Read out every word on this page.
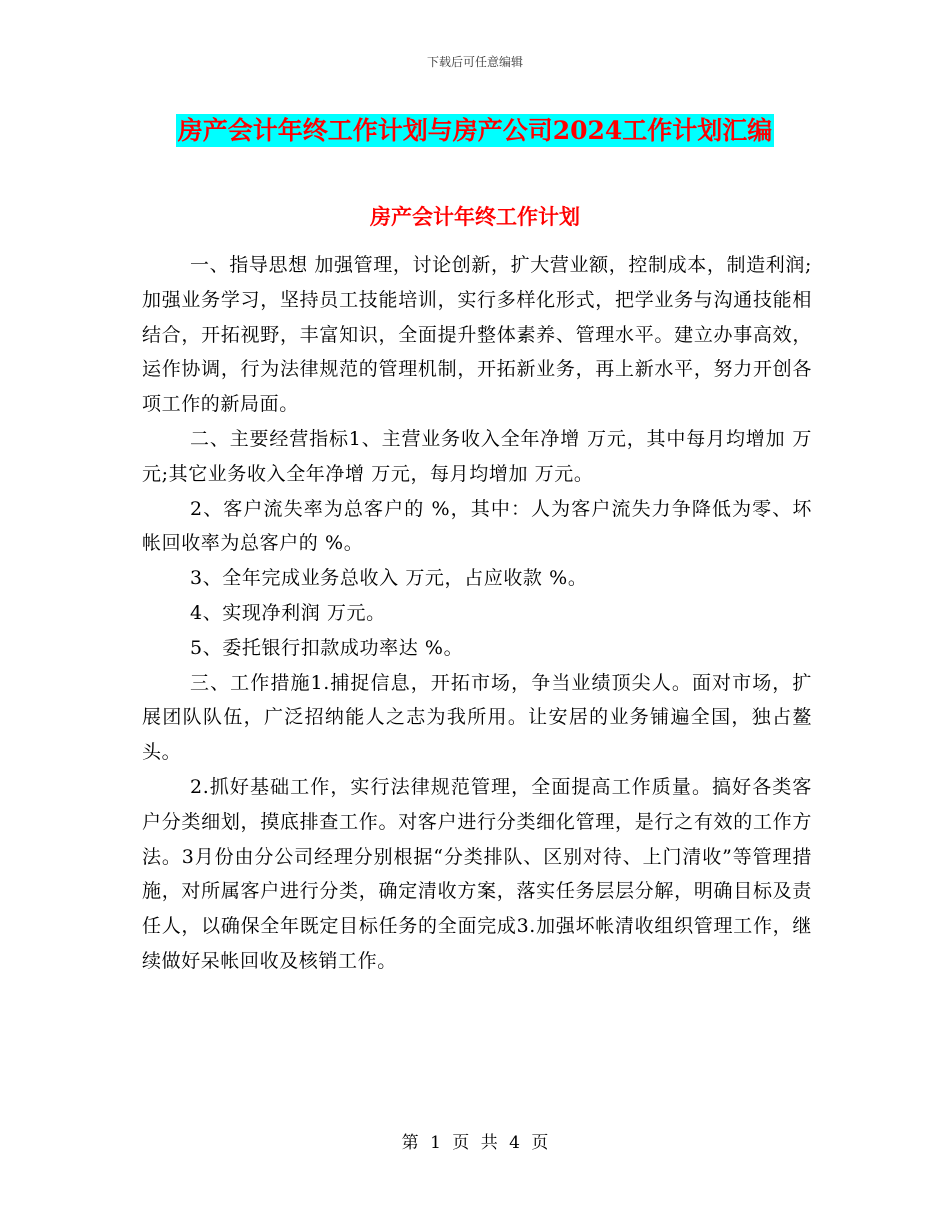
下载后可任意编辑
房产会计年终工作计划与房产公司2024工作计划汇编
房产会计年终工作计划

一、指导思想 加强管理，讨论创新，扩大营业额，控制成本，制造利润;加强业务学习，坚持员工技能培训，实行多样化形式，把学业务与沟通技能相结合，开拓视野，丰富知识，全面提升整体素养、管理水平。建立办事高效，运作协调，行为法律规范的管理机制，开拓新业务，再上新水平，努力开创各项工作的新局面。

二、主要经营指标1、主营业务收入全年净增 万元，其中每月均增加 万元;其它业务收入全年净增 万元，每月均增加 万元。

2、客户流失率为总客户的 %，其中：人为客户流失力争降低为零、坏帐回收率为总客户的 %。

3、全年完成业务总收入 万元，占应收款 %。

4、实现净利润 万元。

5、委托银行扣款成功率达 %。

三、工作措施1.捕捉信息，开拓市场，争当业绩顶尖人。面对市场，扩展团队队伍，广泛招纳能人之志为我所用。让安居的业务铺遍全国，独占鳌头。

2.抓好基础工作，实行法律规范管理，全面提高工作质量。搞好各类客户分类细划，摸底排查工作。对客户进行分类细化管理，是行之有效的工作方法。3月份由分公司经理分别根据“分类排队、区别对待、上门清收”等管理措施，对所属客户进行分类，确定清收方案，落实任务层层分解，明确目标及责任人，以确保全年既定目标任务的全面完成3.加强坏帐清收组织管理工作，继续做好呆帐回收及核销工作。

第 1 页 共 4 页
